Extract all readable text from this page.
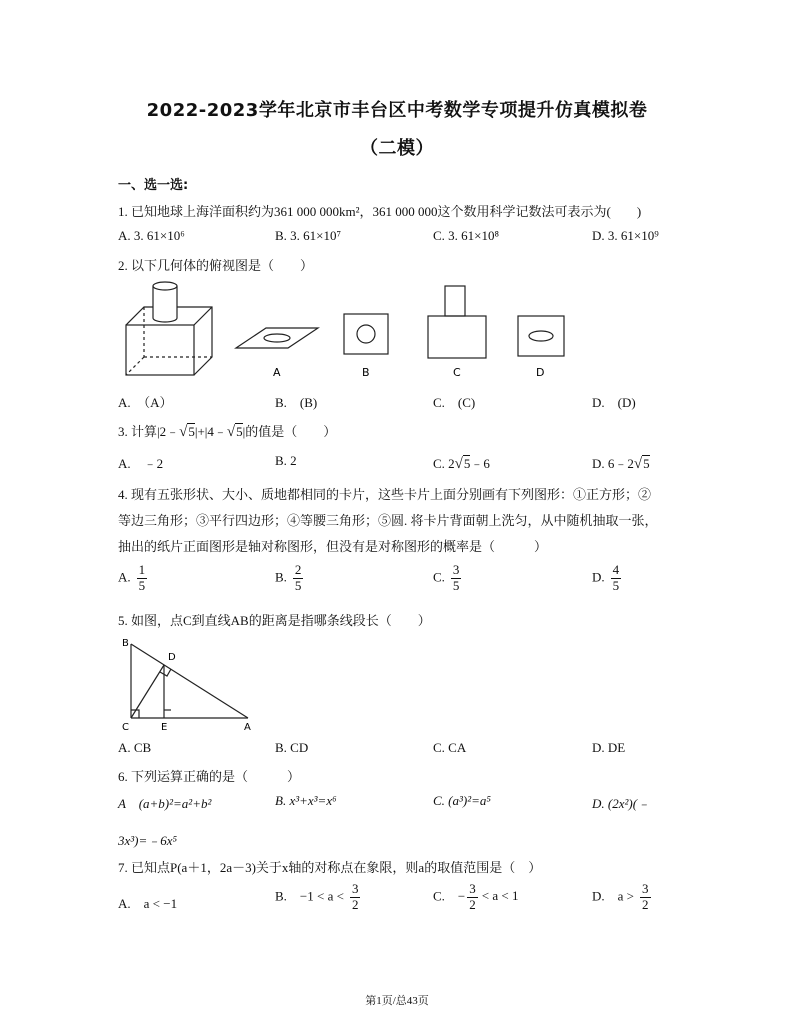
2022-2023学年北京市丰台区中考数学专项提升仿真模拟卷
（二模）
一、选一选:
1. 已知地球上海洋面积约为361 000 000km²，361 000 000这个数用科学记数法可表示为(　　)
A. 3. 61×10⁶	B. 3. 61×10⁷	C. 3. 61×10⁸	D. 3. 61×10⁹
2. 以下几何体的俯视图是（　　）
A	B	C	D
A.　（A）	B.　(B)	C.　(C)	D.　(D)
3. 计算|2﹣√5|+|4﹣√5|的值是（　　）
A.　﹣2	B. 2	C. 2√5﹣6	D. 6﹣2√5
4. 现有五张形状、大小、质地都相同的卡片，这些卡片上面分别画有下列图形：①正方形；②
等边三角形；③平行四边形；④等腰三角形；⑤圆. 将卡片背面朝上洗匀，从中随机抽取一张，
抽出的纸片正面图形是轴对称图形，但没有是对称图形的概率是（　　　）
A. $\frac{1}{5}$	B. $\frac{2}{5}$	C. $\frac{3}{5}$	D. $\frac{4}{5}$
5. 如图，点C到直线AB的距离是指哪条线段长（　　）
B
D
C	E	A
A. CB	B. CD	C. CA	D. DE
6. 下列运算正确的是（　　　）
A　(a+b)²=a²+b²	B. x³+x³=x⁶	C. (a³)²=a⁵	D. (2x²)(﹣
3x³)=﹣6x⁵
7. 已知点P(a＋1，2a－3)关于x轴的对称点在象限，则a的取值范围是（　）
A.　a < −1
B.　$-1 < a < \frac{3}{2}$	C.　− $\frac{3}{2} < a < 1$	D.　$a > \frac{3}{2}$
第1页/总43页
